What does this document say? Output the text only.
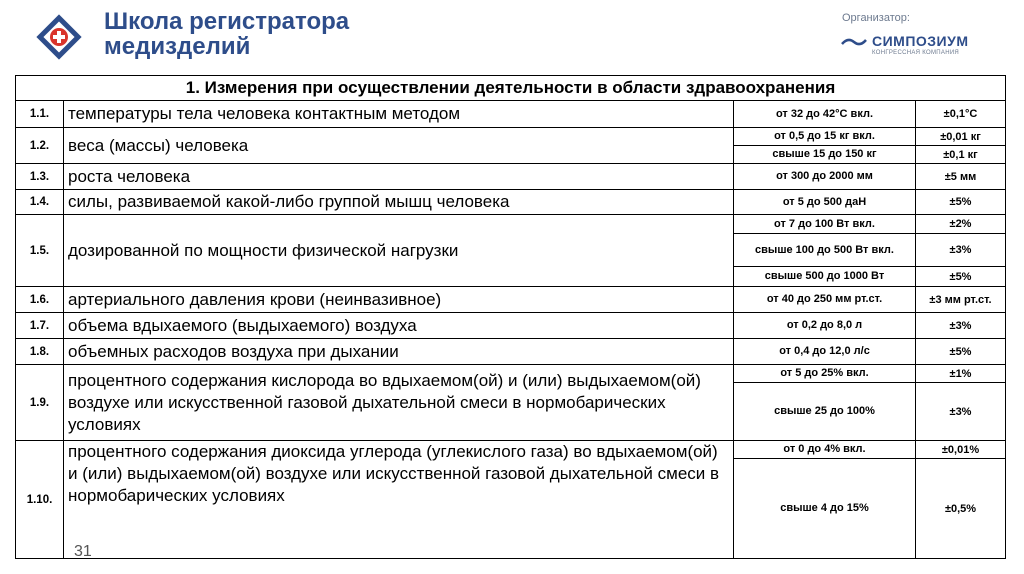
Школа регистратора
медизделий
Организатор:
СИМПОЗИУМ
КОНГРЕССНАЯ КОМПАНИЯ
1. Измерения при осуществлении деятельности в области здравоохранения			
1.1.	температуры тела человека контактным методом	от 32 до 42°С вкл.	±0,1°С
1.2.	веса (массы) человека	от 0,5 до 15 кг вкл.	±0,01 кг
		свыше 15 до 150 кг	±0,1 кг
1.3.	роста человека	от 300 до 2000 мм	±5 мм
1.4.	силы, развиваемой какой-либо группой мышц человека	от 5 до 500 даН	±5%
1.5.	дозированной по мощности физической нагрузки	от 7 до 100 Вт вкл.	±2%
		свыше 100 до 500 Вт вкл.	±3%
		свыше 500 до 1000 Вт	±5%
1.6.	артериального давления крови (неинвазивное)	от 40 до 250 мм рт.ст.	±3 мм рт.ст.
1.7.	объема вдыхаемого (выдыхаемого) воздуха	от 0,2 до 8,0 л	±3%
1.8.	объемных расходов воздуха при дыхании	от 0,4 до 12,0 л/с	±5%
1.9.	процентного содержания кислорода во вдыхаемом(ой) и (или) выдыхаемом(ой) воздухе или искусственной газовой дыхательной смеси в нормобарических условиях	от 5 до 25% вкл.	±1%
		свыше 25 до 100%	±3%
1.10.	процентного содержания диоксида углерода (углекислого газа) во вдыхаемом(ой) и (или) выдыхаемом(ой) воздухе или искусственной газовой дыхательной смеси в нормобарических условиях	от 0 до 4% вкл.	±0,01%
		свыше 4 до 15%	±0,5%
31
